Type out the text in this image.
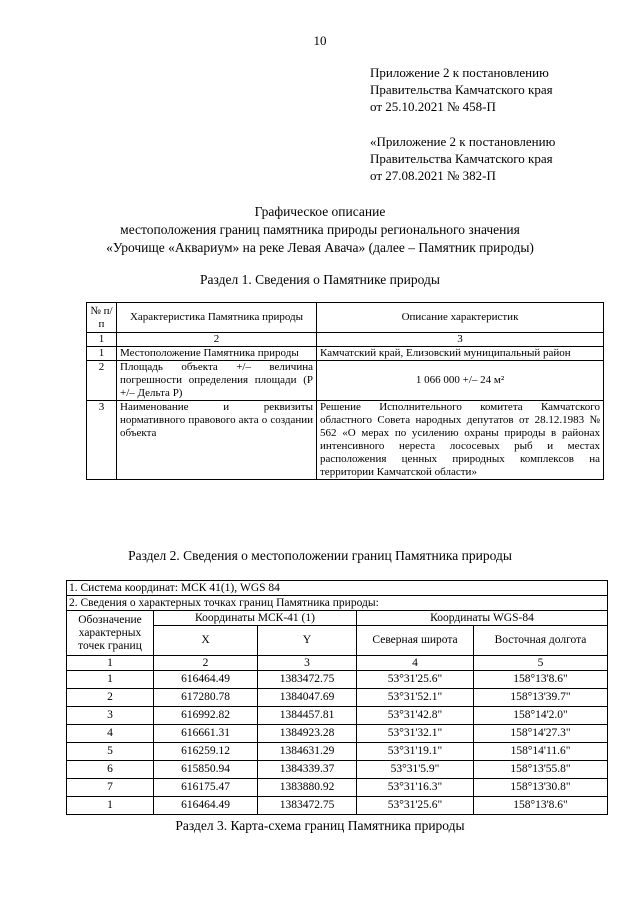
10
Приложение 2 к постановлению
Правительства Камчатского края
от 25.10.2021 № 458-П
«Приложение 2 к постановлению
Правительства Камчатского края
от 27.08.2021 № 382-П
Графическое описание
местоположения границ памятника природы регионального значения
«Урочище «Аквариум» на реке Левая Авача» (далее – Памятник природы)
Раздел 1. Сведения о Памятнике природы
№ п/п	Характеристика Памятника природы	Описание характеристик
1	2	3
1	Местоположение Памятника природы	Камчатский край, Елизовский муниципальный район
2	Площадь объекта +/– величина погрешности определения площади (Р +/– Дельта Р)	1 066 000 +/– 24 м²
3	Наименование и реквизиты нормативного правового акта о создании объекта	Решение Исполнительного комитета Камчатского областного Совета народных депутатов от 28.12.1983 № 562 «О мерах по усилению охраны природы в районах интенсивного нереста лососевых рыб и местах расположения ценных природных комплексов на территории Камчатской области»
Раздел 2. Сведения о местоположении границ Памятника природы
1. Система координат: МСК 41(1), WGS 84				
2. Сведения о характерных точках границ Памятника природы:				
Обозначение характерных точек границ	Координаты МСК-41 (1)		Координаты WGS-84	
	X	Y	Северная широта	Восточная долгота
1	2	3	4	5
1	616464.49	1383472.75	53°31'25.6"	158°13'8.6"
2	617280.78	1384047.69	53°31'52.1"	158°13'39.7"
3	616992.82	1384457.81	53°31'42.8"	158°14'2.0"
4	616661.31	1384923.28	53°31'32.1"	158°14'27.3"
5	616259.12	1384631.29	53°31'19.1"	158°14'11.6"
6	615850.94	1384339.37	53°31'5.9"	158°13'55.8"
7	616175.47	1383880.92	53°31'16.3"	158°13'30.8"
1	616464.49	1383472.75	53°31'25.6"	158°13'8.6"
Раздел 3. Карта-схема границ Памятника природы
